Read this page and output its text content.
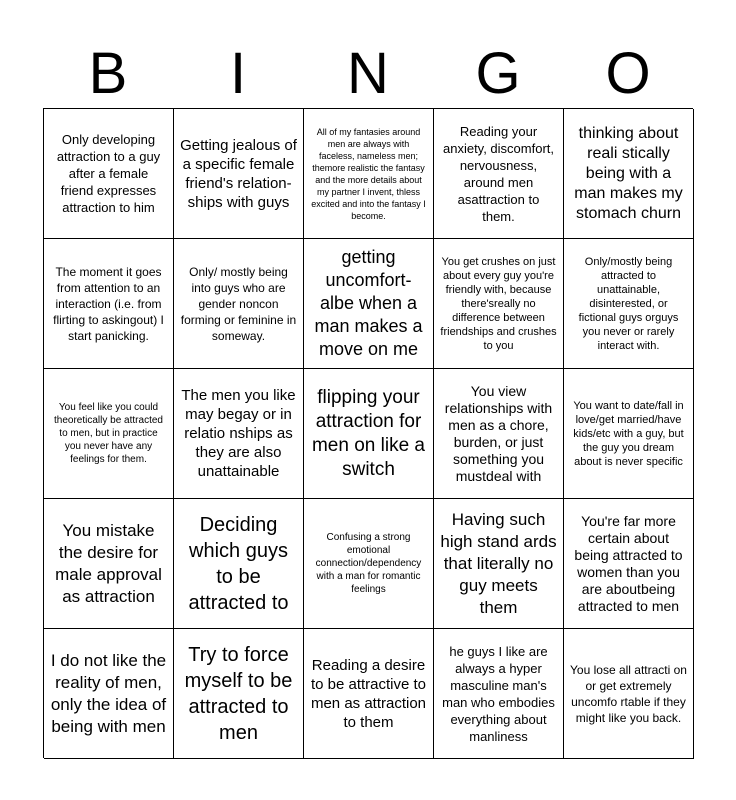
B	I	N	G	O
Only developing attraction to a guy after a female friend expresses attraction to him
Getting jealous of a specific female friend's relation-ships with guys
All of my fantasies around men are always with faceless, nameless men; themore realistic the fantasy and the more details about my partner I invent, thless excited and into the fantasy I become.
Reading your anxiety, discomfort, nervousness, around men asattraction to them.
thinking about reali stically being with a man makes my stomach churn
The moment it goes from attention to an interaction (i.e. from flirting to askingout) I start panicking.
Only/ mostly being into guys who are gender noncon forming or feminine in someway.
getting uncomfort-albe when a man makes a move on me
You get crushes on just about every guy you're friendly with, because there'sreally no difference between friendships and crushes to you
Only/mostly being attracted to unattainable, disinterested, or fictional guys orguys you never or rarely interact with.
You feel like you could theoretically be attracted to men, but in practice you never have any feelings for them.
The men you like may begay or in relatio nships as they are also unattainable
flipping your attraction for men on like a switch
You view relationships with men as a chore, burden, or just something you mustdeal with
You want to date/fall in love/get married/have kids/etc with a guy, but the guy you dream about is never specific
You mistake the desire for male approval as attraction
Deciding which guys to be attracted to
Confusing a strong emotional connection/dependency with a man for romantic feelings
Having such high stand ards that literally no guy meets them
You're far more certain about being attracted to women than you are aboutbeing attracted to men
I do not like the reality of men, only the idea of being with men
Try to force myself to be attracted to men
Reading a desire to be attractive to men as attraction to them
he guys I like are always a hyper masculine man's man who embodies everything about manliness
You lose all attracti on or get extremely uncomfo rtable if they might like you back.
